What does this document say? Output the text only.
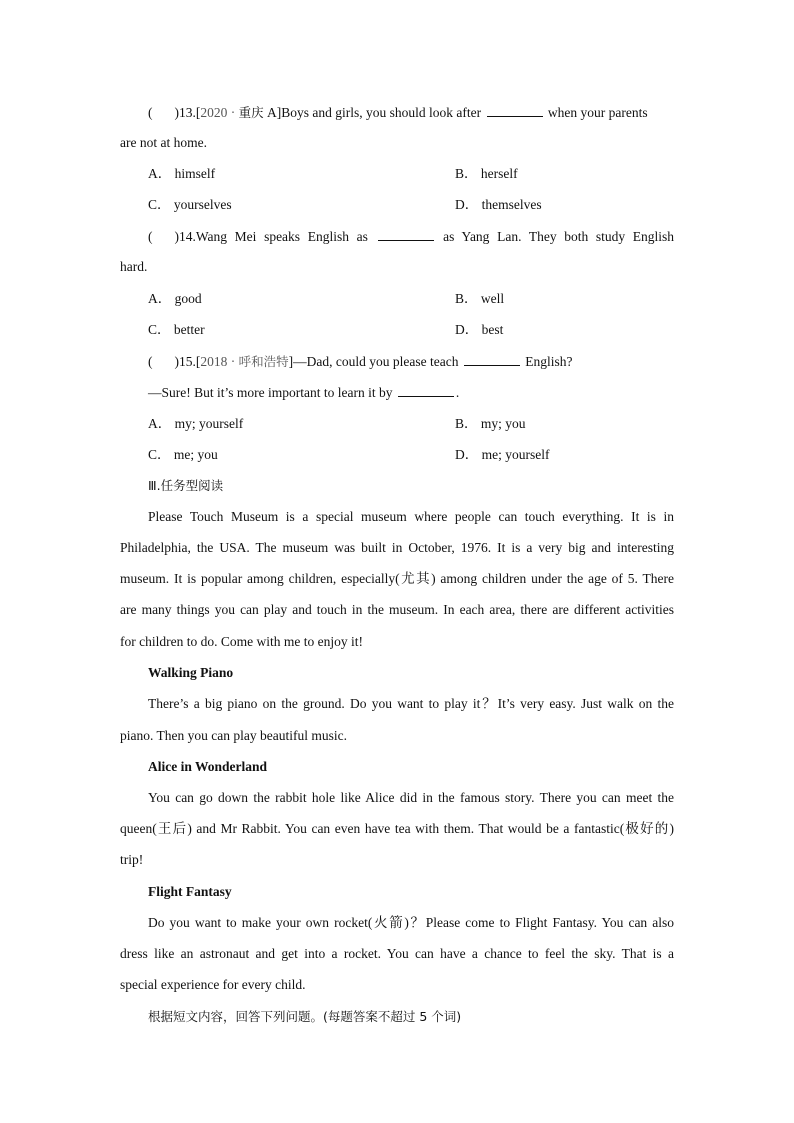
( )13.[2020 · 重庆 A]Boys and girls, you should look after	when your parents
are not at home.
A． himself	B． herself
C． yourselves	D． themselves
( )14.Wang Mei speaks English as	as Yang Lan. They both study English
hard.
A． good	B． well
C． better	D． best
( )15.[2018 · 呼和浩特]—Dad, could you please teach	English?
—Sure! But it’s more important to learn it by	.
A． my; yourself	B． my; you
C． me; you	D． me; yourself
Ⅲ.任务型阅读
Please Touch Museum is a special museum where people can touch everything. It is in
Philadelphia, the USA. The museum was built in October, 1976. It is a very big and interesting
museum. It is popular among children, especially(尤其) among children under the age of 5. There
are many things you can play and touch in the museum. In each area, there are different activities
for children to do. Come with me to enjoy it!
Walking Piano
There’s a big piano on the ground. Do you want to play it？It’s very easy. Just walk on the
piano. Then you can play beautiful music.
Alice in Wonderland
You can go down the rabbit hole like Alice did in the famous story. There you can meet the
queen(王后) and Mr Rabbit. You can even have tea with them. That would be a fantastic(极好的)
trip!
Flight Fantasy
Do you want to make your own rocket(火箭)？Please come to Flight Fantasy. You can also
dress like an astronaut and get into a rocket. You can have a chance to feel the sky. That is a
special experience for every child.
根据短文内容，回答下列问题。(每题答案不超过 5 个词)
